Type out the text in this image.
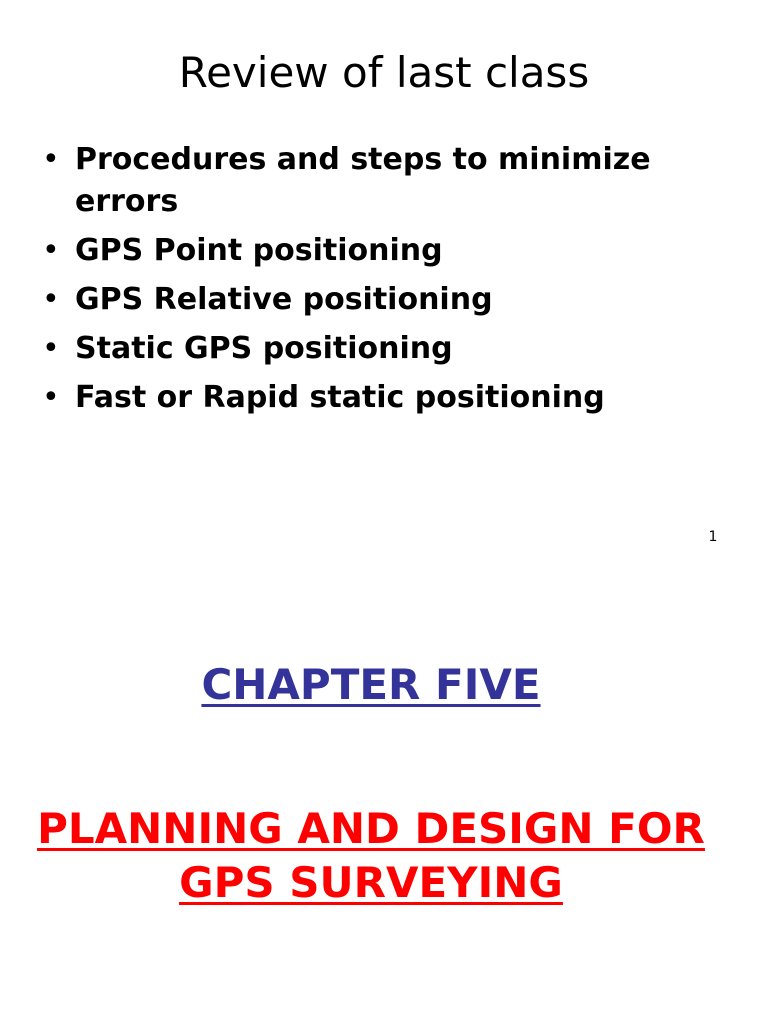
Review of last class
• Procedures and steps to minimize errors
• GPS Point positioning
• GPS Relative positioning
• Static GPS positioning
• Fast or Rapid static positioning
1
CHAPTER FIVE
PLANNING AND DESIGN FOR
GPS SURVEYING
